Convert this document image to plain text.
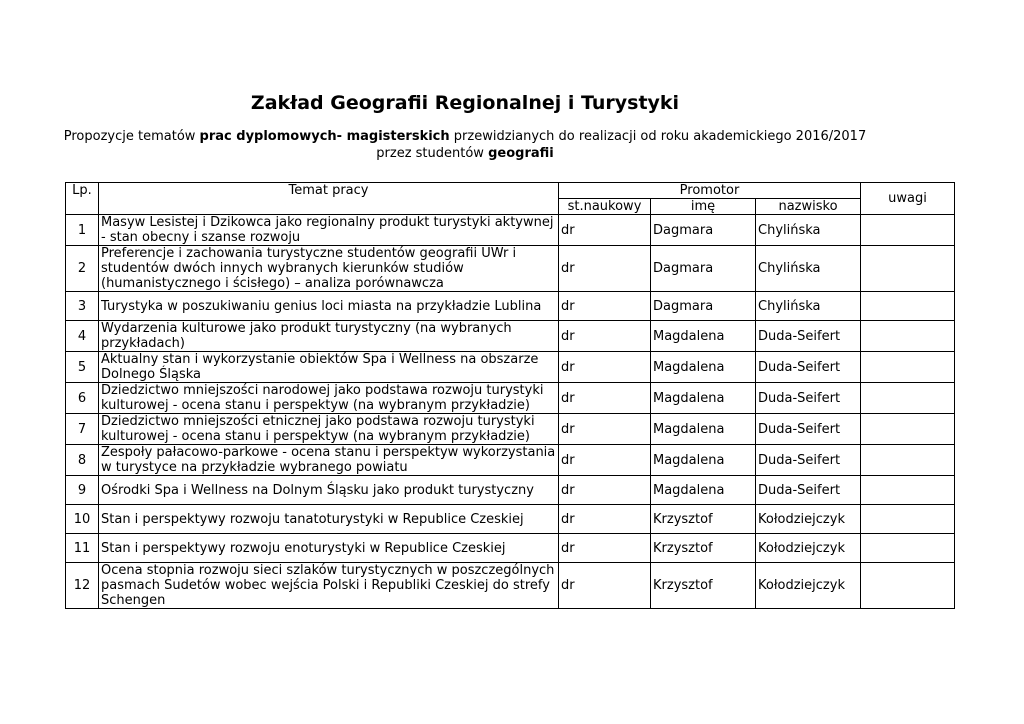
Zakład Geografii Regionalnej i Turystyki
Propozycje tematów prac dyplomowych- magisterskich przewidzianych do realizacji od roku akademickiego 2016/2017
przez studentów geografii
Lp.	Temat pracy	Promotor			uwagi
		st.naukowy	imę	nazwisko	
1	Masyw Lesistej i Dzikowca jako regionalny produkt turystyki aktywnej - stan obecny i szanse rozwoju	dr	Dagmara	Chylińska	
2	Preferencje i zachowania turystyczne studentów geografii UWr i studentów dwóch innych wybranych kierunków studiów (humanistycznego i ścisłego) – analiza porównawcza	dr	Dagmara	Chylińska	
3	Turystyka w poszukiwaniu genius loci miasta na przykładzie Lublina	dr	Dagmara	Chylińska	
4	Wydarzenia kulturowe jako produkt turystyczny (na wybranych przykładach)	dr	Magdalena	Duda-Seifert	
5	Aktualny stan i wykorzystanie obiektów Spa i Wellness na obszarze Dolnego Śląska	dr	Magdalena	Duda-Seifert	
6	Dziedzictwo mniejszości narodowej jako podstawa rozwoju turystyki kulturowej - ocena stanu i perspektyw (na wybranym przykładzie)	dr	Magdalena	Duda-Seifert	
7	Dziedzictwo mniejszości etnicznej jako podstawa rozwoju turystyki kulturowej - ocena stanu i perspektyw (na wybranym przykładzie)	dr	Magdalena	Duda-Seifert	
8	Zespoły pałacowo-parkowe - ocena stanu i perspektyw wykorzystania w turystyce na przykładzie wybranego powiatu	dr	Magdalena	Duda-Seifert	
9	Ośrodki Spa i Wellness na Dolnym Śląsku jako produkt turystyczny	dr	Magdalena	Duda-Seifert	
10	Stan i perspektywy rozwoju tanatoturystyki w Republice Czeskiej	dr	Krzysztof	Kołodziejczyk	
11	Stan i perspektywy rozwoju enoturystyki w Republice Czeskiej	dr	Krzysztof	Kołodziejczyk	
12	Ocena stopnia rozwoju sieci szlaków turystycznych w poszczególnych pasmach Sudetów wobec wejścia Polski i Republiki Czeskiej do strefy Schengen	dr	Krzysztof	Kołodziejczyk	
